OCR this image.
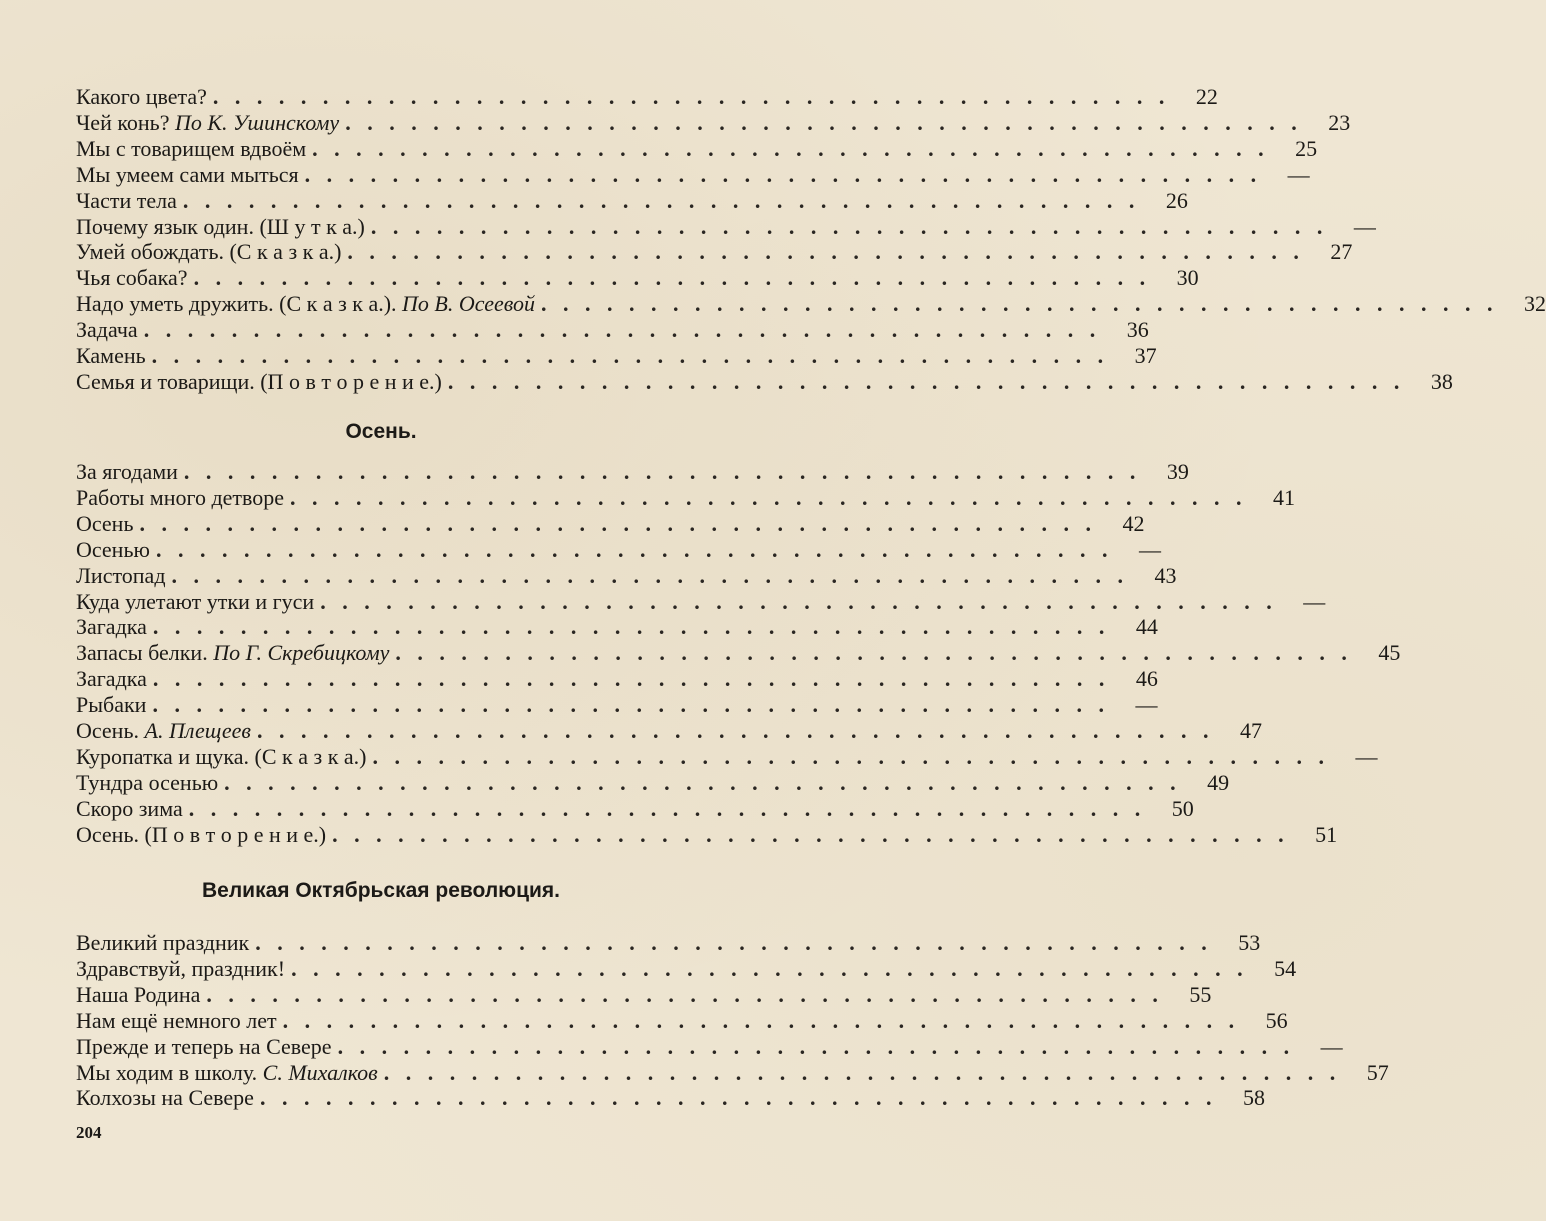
Какого цвета? . . . . . . . . . . . . . . . . . . . . . . . . . . . . . . . . . . . . . . . . . . . .	22
Чей конь? По К. Ушинскому . . . . . . . . . . . . . . . . . . . . . . . . . . . . . . . . . . . . . . . . . . . .	23
Мы с товарищем вдвоём . . . . . . . . . . . . . . . . . . . . . . . . . . . . . . . . . . . . . . . . . . . .	25
Мы умеем сами мыться . . . . . . . . . . . . . . . . . . . . . . . . . . . . . . . . . . . . . . . . . . . .	—
Части тела . . . . . . . . . . . . . . . . . . . . . . . . . . . . . . . . . . . . . . . . . . . .	26
Почему язык один. (Ш у т к а.) . . . . . . . . . . . . . . . . . . . . . . . . . . . . . . . . . . . . . . . . . . . .	—
Умей обождать. (С к а з к а.) . . . . . . . . . . . . . . . . . . . . . . . . . . . . . . . . . . . . . . . . . . . .	27
Чья собака? . . . . . . . . . . . . . . . . . . . . . . . . . . . . . . . . . . . . . . . . . . . .	30
Надо уметь дружить. (С к а з к а.). По В. Осеевой . . . . . . . . . . . . . . . . . . . . . . . . . . . . . . . . . . . . . . . . . . . .	32
Задача . . . . . . . . . . . . . . . . . . . . . . . . . . . . . . . . . . . . . . . . . . . .	36
Камень . . . . . . . . . . . . . . . . . . . . . . . . . . . . . . . . . . . . . . . . . . . .	37
Семья и товарищи. (П о в т о р е н и е.) . . . . . . . . . . . . . . . . . . . . . . . . . . . . . . . . . . . . . . . . . . . .	38
Осень.
За ягодами . . . . . . . . . . . . . . . . . . . . . . . . . . . . . . . . . . . . . . . . . . . .	39
Работы много детворе . . . . . . . . . . . . . . . . . . . . . . . . . . . . . . . . . . . . . . . . . . . .	41
Осень . . . . . . . . . . . . . . . . . . . . . . . . . . . . . . . . . . . . . . . . . . . .	42
Осенью . . . . . . . . . . . . . . . . . . . . . . . . . . . . . . . . . . . . . . . . . . . .	—
Листопад . . . . . . . . . . . . . . . . . . . . . . . . . . . . . . . . . . . . . . . . . . . .	43
Куда улетают утки и гуси . . . . . . . . . . . . . . . . . . . . . . . . . . . . . . . . . . . . . . . . . . . .	—
Загадка . . . . . . . . . . . . . . . . . . . . . . . . . . . . . . . . . . . . . . . . . . . .	44
Запасы белки. По Г. Скребицкому . . . . . . . . . . . . . . . . . . . . . . . . . . . . . . . . . . . . . . . . . . . .	45
Загадка . . . . . . . . . . . . . . . . . . . . . . . . . . . . . . . . . . . . . . . . . . . .	46
Рыбаки . . . . . . . . . . . . . . . . . . . . . . . . . . . . . . . . . . . . . . . . . . . .	—
Осень. А. Плещеев . . . . . . . . . . . . . . . . . . . . . . . . . . . . . . . . . . . . . . . . . . . .	47
Куропатка и щука. (С к а з к а.) . . . . . . . . . . . . . . . . . . . . . . . . . . . . . . . . . . . . . . . . . . . .	—
Тундра осенью . . . . . . . . . . . . . . . . . . . . . . . . . . . . . . . . . . . . . . . . . . . .	49
Скоро зима . . . . . . . . . . . . . . . . . . . . . . . . . . . . . . . . . . . . . . . . . . . .	50
Осень. (П о в т о р е н и е.) . . . . . . . . . . . . . . . . . . . . . . . . . . . . . . . . . . . . . . . . . . . .	51
Великая Октябрьская революция.
Великий праздник . . . . . . . . . . . . . . . . . . . . . . . . . . . . . . . . . . . . . . . . . . . .	53
Здравствуй, праздник! . . . . . . . . . . . . . . . . . . . . . . . . . . . . . . . . . . . . . . . . . . . .	54
Наша Родина . . . . . . . . . . . . . . . . . . . . . . . . . . . . . . . . . . . . . . . . . . . .	55
Нам ещё немного лет . . . . . . . . . . . . . . . . . . . . . . . . . . . . . . . . . . . . . . . . . . . .	56
Прежде и теперь на Севере . . . . . . . . . . . . . . . . . . . . . . . . . . . . . . . . . . . . . . . . . . . .	—
Мы ходим в школу. С. Михалков . . . . . . . . . . . . . . . . . . . . . . . . . . . . . . . . . . . . . . . . . . . .	57
Колхозы на Севере . . . . . . . . . . . . . . . . . . . . . . . . . . . . . . . . . . . . . . . . . . . .	58
204
